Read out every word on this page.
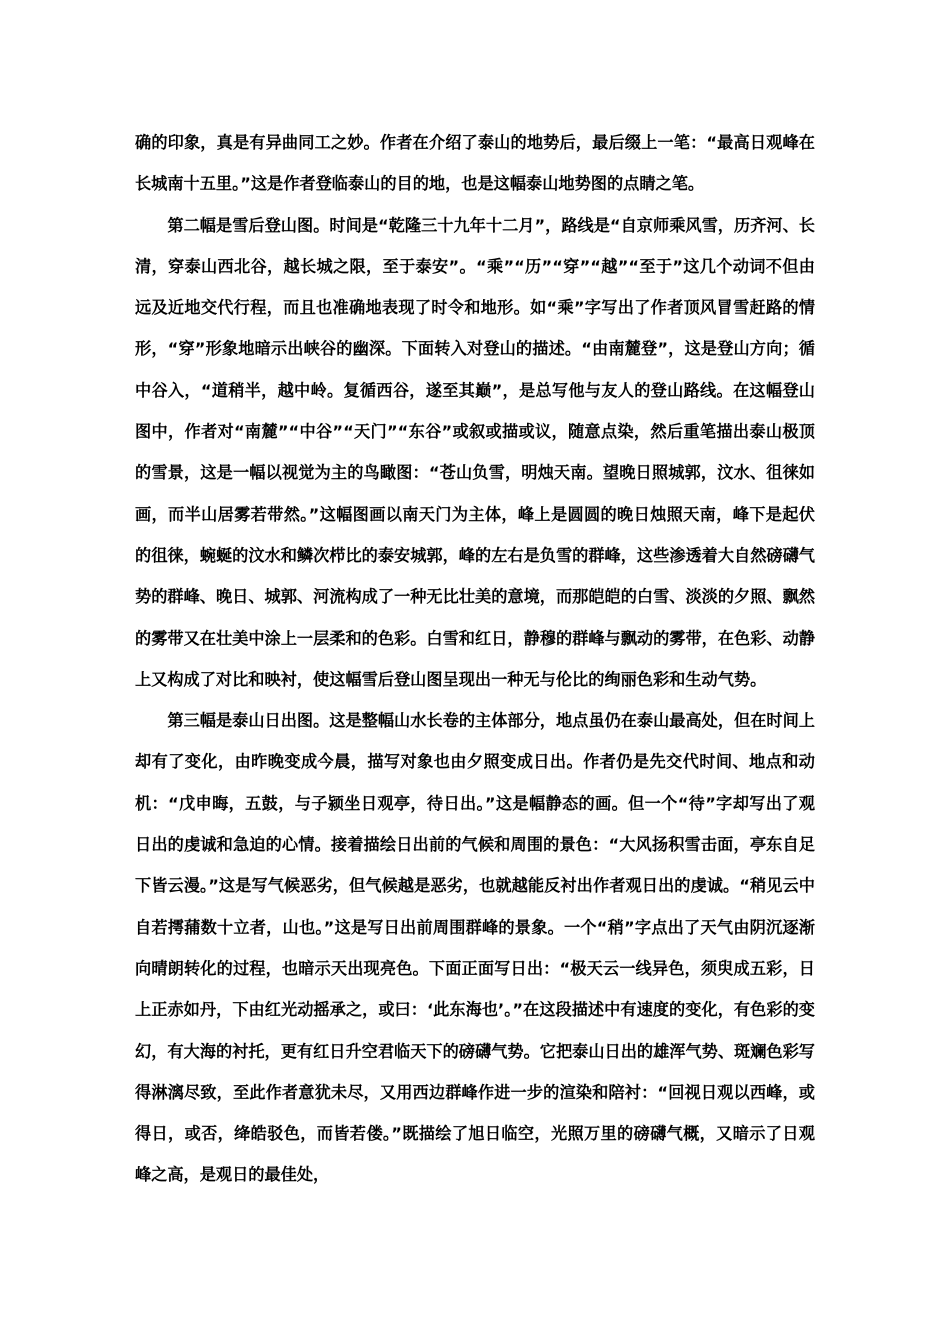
确的印象，真是有异曲同工之妙。作者在介绍了泰山的地势后，最后缀上一笔：“最高日观峰在长城南十五里。”这是作者登临泰山的目的地，也是这幅泰山地势图的点睛之笔。

第二幅是雪后登山图。时间是“乾隆三十九年十二月”，路线是“自京师乘风雪，历齐河、长清，穿泰山西北谷，越长城之限，至于泰安”。“乘”“历”“穿”“越”“至于”这几个动词不但由远及近地交代行程，而且也准确地表现了时令和地形。如“乘”字写出了作者顶风冒雪赶路的情形，“穿”形象地暗示出峡谷的幽深。下面转入对登山的描述。“由南麓登”，这是登山方向；循中谷入，“道稍半，越中岭。复循西谷，遂至其巅”，是总写他与友人的登山路线。在这幅登山图中，作者对“南麓”“中谷”“天门”“东谷”或叙或描或议，随意点染，然后重笔描出泰山极顶的雪景，这是一幅以视觉为主的鸟瞰图：“苍山负雪，明烛天南。望晚日照城郭，汶水、徂徕如画，而半山居雾若带然。”这幅图画以南天门为主体，峰上是圆圆的晚日烛照天南，峰下是起伏的徂徕，蜿蜒的汶水和鳞次栉比的泰安城郭，峰的左右是负雪的群峰，这些渗透着大自然磅礴气势的群峰、晚日、城郭、河流构成了一种无比壮美的意境，而那皑皑的白雪、淡淡的夕照、飘然的雾带又在壮美中涂上一层柔和的色彩。白雪和红日，静穆的群峰与飘动的雾带，在色彩、动静上又构成了对比和映衬，使这幅雪后登山图呈现出一种无与伦比的绚丽色彩和生动气势。

第三幅是泰山日出图。这是整幅山水长卷的主体部分，地点虽仍在泰山最高处，但在时间上却有了变化，由昨晚变成今晨，描写对象也由夕照变成日出。作者仍是先交代时间、地点和动机：“戊申晦，五鼓，与子颍坐日观亭，待日出。”这是幅静态的画。但一个“待”字却写出了观日出的虔诚和急迫的心情。接着描绘日出前的气候和周围的景色：“大风扬积雪击面，亭东自足下皆云漫。”这是写气候恶劣，但气候越是恶劣，也就越能反衬出作者观日出的虔诚。“稍见云中自若摴蒱数十立者，山也。”这是写日出前周围群峰的景象。一个“稍”字点出了天气由阴沉逐渐向晴朗转化的过程，也暗示天出现亮色。下面正面写日出：“极天云一线异色，须臾成五彩，日上正赤如丹，下由红光动摇承之，或曰：‘此东海也’。”在这段描述中有速度的变化，有色彩的变幻，有大海的衬托，更有红日升空君临天下的磅礴气势。它把泰山日出的雄浑气势、斑斓色彩写得淋漓尽致，至此作者意犹未尽，又用西边群峰作进一步的渲染和陪衬：“回视日观以西峰，或得日，或否，绛皓驳色，而皆若偻。”既描绘了旭日临空，光照万里的磅礴气概，又暗示了日观峰之高，是观日的最佳处，
